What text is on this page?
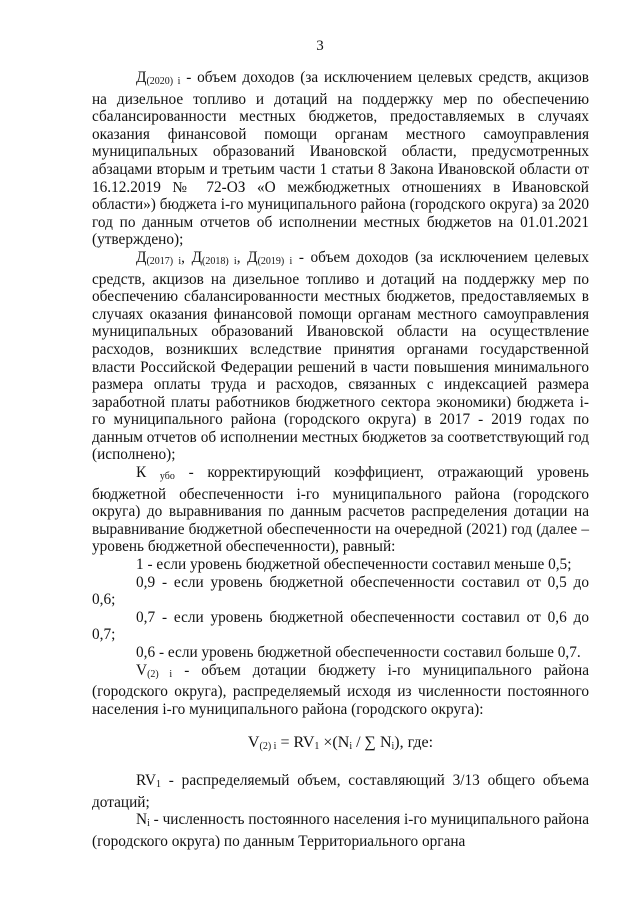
3

$Д_{(2020) i}$ - объем доходов (за исключением целевых средств, акцизов на дизельное топливо и дотаций на поддержку мер по обеспечению сбалансированности местных бюджетов, предоставляемых в случаях оказания финансовой помощи органам местного самоуправления муниципальных образований Ивановской области, предусмотренных абзацами вторым и третьим части 1 статьи 8 Закона Ивановской области от 16.12.2019 № 72-ОЗ «О межбюджетных отношениях в Ивановской области») бюджета i-го муниципального района (городского округа) за 2020 год по данным отчетов об исполнении местных бюджетов на 01.01.2021 (утверждено);

$Д_{(2017) i}$, $Д_{(2018) i}$, $Д_{(2019) i}$ - объем доходов (за исключением целевых средств, акцизов на дизельное топливо и дотаций на поддержку мер по обеспечению сбалансированности местных бюджетов, предоставляемых в случаях оказания финансовой помощи органам местного самоуправления муниципальных образований Ивановской области на осуществление расходов, возникших вследствие принятия органами государственной власти Российской Федерации решений в части повышения минимального размера оплаты труда и расходов, связанных с индексацией размера заработной платы работников бюджетного сектора экономики) бюджета i-го муниципального района (городского округа) в 2017 - 2019 годах по данным отчетов об исполнении местных бюджетов за соответствующий год (исполнено);

К $_{убо}$ - корректирующий коэффициент, отражающий уровень бюджетной обеспеченности i-го муниципального района (городского округа) до выравнивания по данным расчетов распределения дотации на выравнивание бюджетной обеспеченности на очередной (2021) год (далее – уровень бюджетной обеспеченности), равный:

1 - если уровень бюджетной обеспеченности составил меньше 0,5;

0,9 - если уровень бюджетной обеспеченности составил от 0,5 до 0,6;

0,7 - если уровень бюджетной обеспеченности составил от 0,6 до 0,7;

0,6 - если уровень бюджетной обеспеченности составил больше 0,7.

$V_{(2) i}$ - объем дотации бюджету i-го муниципального района (городского округа), распределяемый исходя из численности постоянного населения i-го муниципального района (городского округа):

$V_{(2) i} = RV_1 \times(N_i$ / ∑ $N_i$), где:

$RV_1$ - распределяемый объем, составляющий 3/13 общего объема дотаций;

$N_i$ - численность постоянного населения i-го муниципального района (городского округа) по данным Территориального органа
